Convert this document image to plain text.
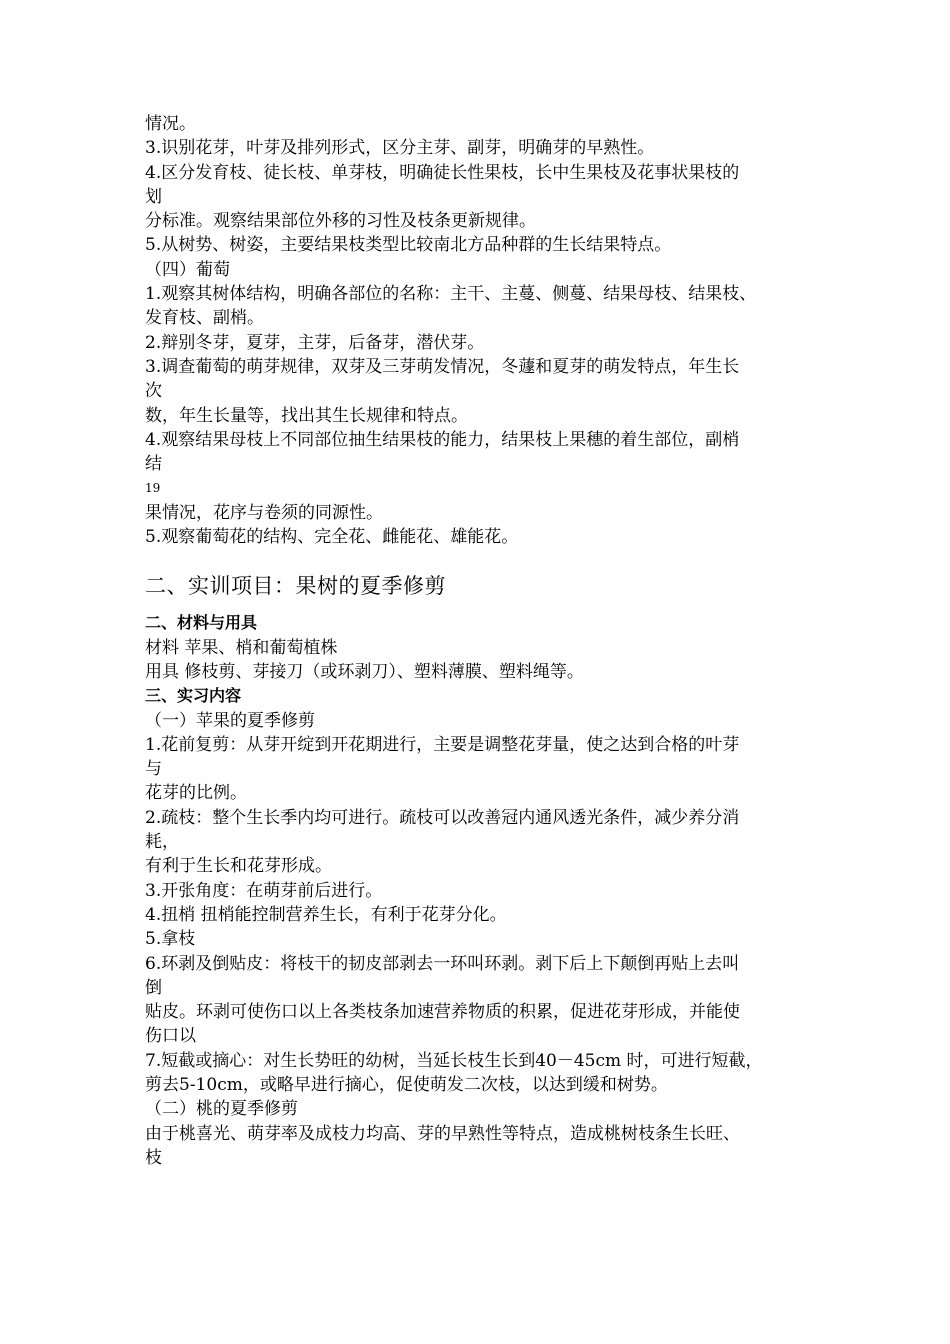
情况。
3.识别花芽，叶芽及排列形式，区分主芽、副芽，明确芽的早熟性。
4.区分发育枝、徒长枝、单芽枝，明确徒长性果枝，长中生果枝及花事状果枝的
划
分标准。观察结果部位外移的习性及枝条更新规律。
5.从树势、树姿，主要结果枝类型比较南北方品种群的生长结果特点。
（四）葡萄
1.观察其树体结构，明确各部位的名称：主干、主蔓、侧蔓、结果母枝、结果枝、
发育枝、副梢。
2.辩别冬芽，夏芽，主芽，后备芽，潜伏芽。
3.调查葡萄的萌芽规律，双芽及三芽萌发情况，冬蘧和夏芽的萌发特点，年生长
次
数，年生长量等，找出其生长规律和特点。
4.观察结果母枝上不同部位抽生结果枝的能力，结果枝上果穗的着生部位，副梢
结
19
果情况，花序与卷须的同源性。
5.观察葡萄花的结构、完全花、雌能花、雄能花。
二、实训项目：果树的夏季修剪
二、材料与用具
材料 苹果、梢和葡萄植株
用具 修枝剪、芽接刀（或环剥刀）、塑料薄膜、塑料绳等。
三、实习内容
（一）苹果的夏季修剪
1.花前复剪：从芽开绽到开花期进行，主要是调整花芽量，使之达到合格的叶芽
与
花芽的比例。
2.疏枝：整个生长季内均可进行。疏枝可以改善冠内通风透光条件，减少养分消
耗，
有利于生长和花芽形成。
3.开张角度：在萌芽前后进行。
4.扭梢 扭梢能控制营养生长，有利于花芽分化。
5.拿枝
6.环剥及倒贴皮：将枝干的韧皮部剥去一环叫环剥。剥下后上下颠倒再贴上去叫
倒
贴皮。环剥可使伤口以上各类枝条加速营养物质的积累，促进花芽形成，并能使
伤口以
7.短截或摘心：对生长势旺的幼树，当延长枝生长到40－45cm 时，可进行短截，
剪去5-10cm，或略早进行摘心，促使萌发二次枝，以达到缓和树势。
（二）桃的夏季修剪
由于桃喜光、萌芽率及成枝力均高、芽的早熟性等特点，造成桃树枝条生长旺、
枝
